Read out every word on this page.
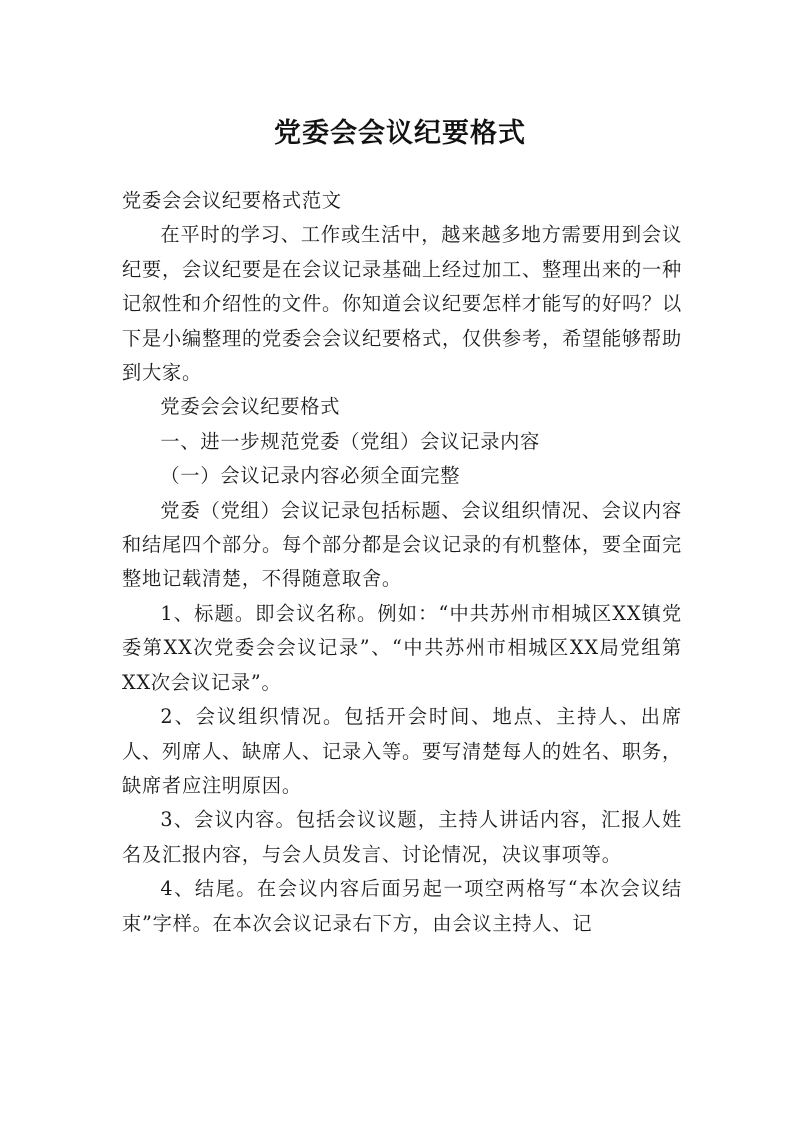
党委会会议纪要格式

党委会会议纪要格式范文

在平时的学习、工作或生活中，越来越多地方需要用到会议纪要，会议纪要是在会议记录基础上经过加工、整理出来的一种记叙性和介绍性的文件。你知道会议纪要怎样才能写的好吗？以下是小编整理的党委会会议纪要格式，仅供参考，希望能够帮助到大家。

党委会会议纪要格式

一、进一步规范党委（党组）会议记录内容

（一）会议记录内容必须全面完整

党委（党组）会议记录包括标题、会议组织情况、会议内容和结尾四个部分。每个部分都是会议记录的有机整体，要全面完整地记载清楚，不得随意取舍。

1、标题。即会议名称。例如：“中共苏州市相城区XX镇党委第XX次党委会会议记录”、“中共苏州市相城区XX局党组第XX次会议记录”。

2、会议组织情况。包括开会时间、地点、主持人、出席人、列席人、缺席人、记录入等。要写清楚每人的姓名、职务，缺席者应注明原因。

3、会议内容。包括会议议题，主持人讲话内容，汇报人姓名及汇报内容，与会人员发言、讨论情况，决议事项等。

4、结尾。在会议内容后面另起一项空两格写“本次会议结束”字样。在本次会议记录右下方，由会议主持人、记
